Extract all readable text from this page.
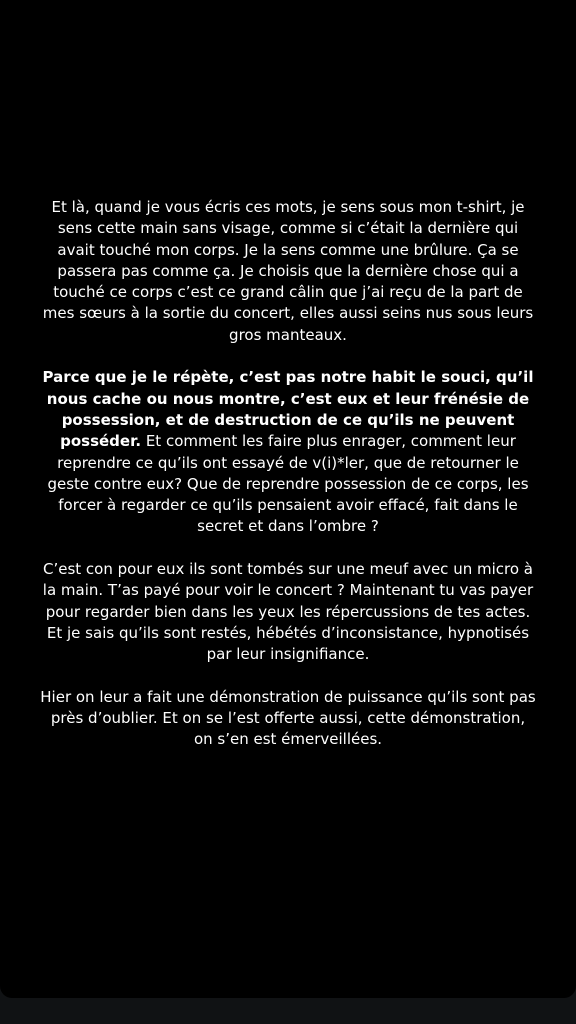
Et là, quand je vous écris ces mots, je sens sous mon t-shirt, je sens cette main sans visage, comme si c’était la dernière qui avait touché mon corps. Je la sens comme une brûlure. Ça se passera pas comme ça. Je choisis que la dernière chose qui a touché ce corps c’est ce grand câlin que j’ai reçu de la part de mes sœurs à la sortie du concert, elles aussi seins nus sous leurs gros manteaux.

Parce que je le répète, c’est pas notre habit le souci, qu’il nous cache ou nous montre, c’est eux et leur frénésie de possession, et de destruction de ce qu’ils ne peuvent posséder. Et comment les faire plus enrager, comment leur reprendre ce qu’ils ont essayé de v(i)*ler, que de retourner le geste contre eux? Que de reprendre possession de ce corps, les forcer à regarder ce qu’ils pensaient avoir effacé, fait dans le secret et dans l’ombre ?

C’est con pour eux ils sont tombés sur une meuf avec un micro à la main. T’as payé pour voir le concert ? Maintenant tu vas payer pour regarder bien dans les yeux les répercussions de tes actes. Et je sais qu’ils sont restés, hébétés d’inconsistance, hypnotisés par leur insignifiance.

Hier on leur a fait une démonstration de puissance qu’ils sont pas près d’oublier. Et on se l’est offerte aussi, cette démonstration, on s’en est émerveillées.
